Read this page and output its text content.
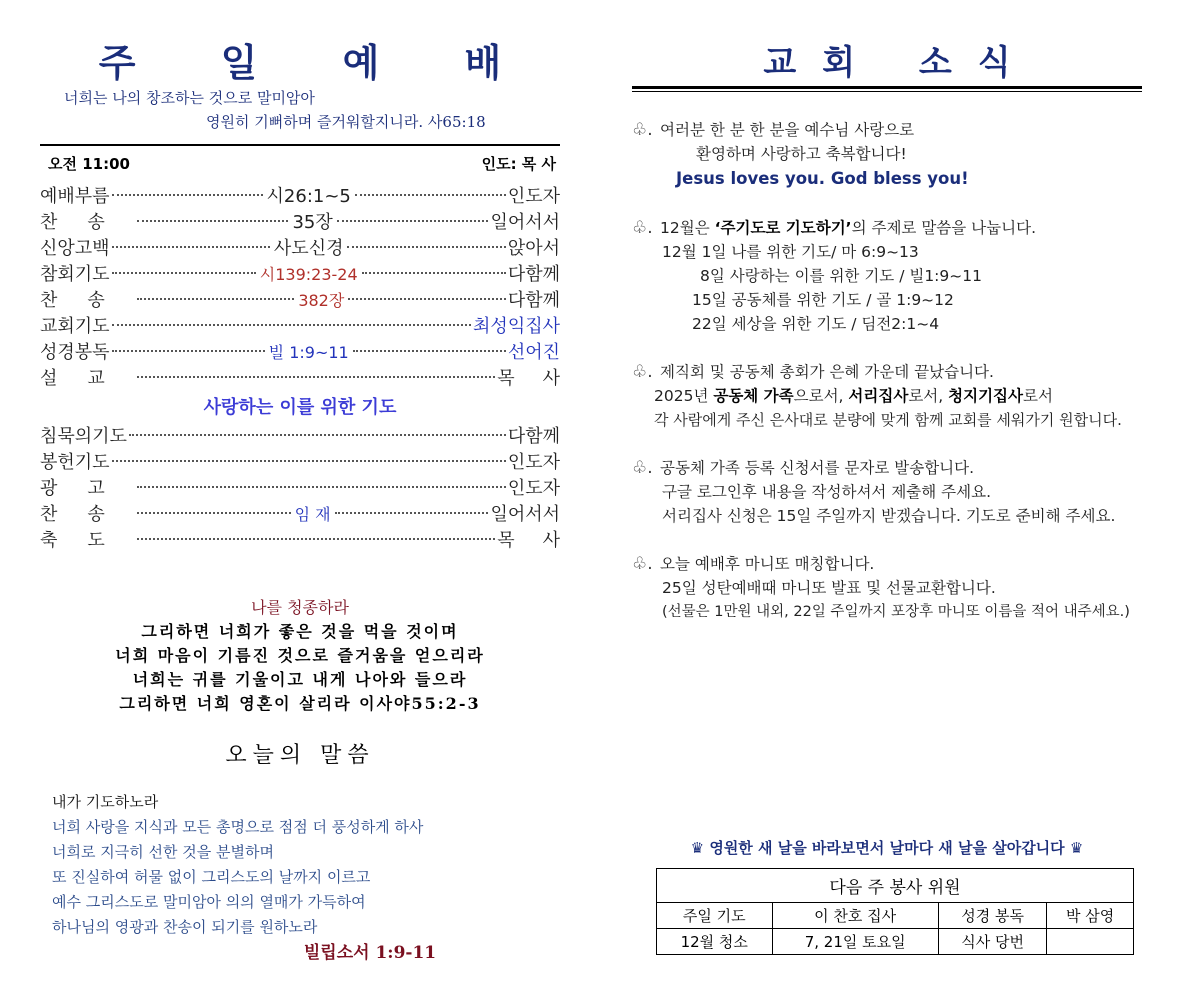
주 일 예 배
너희는 나의 창조하는 것으로 말미암아
영원히 기뻐하며 즐거워할지니라. 사65:18
오전 11:00	인도: 목 사
예배부름	시26:1~5	인도자
찬송	35장	일어서서
신앙고백	사도신경	앉아서
참회기도	시139:23-24	다함께
찬송	382장	다함께
교회기도	최성익집사
성경봉독	빌 1:9~11	선어진
설교	목사
사랑하는 이를 위한 기도
침묵의기도	다함께
봉헌기도	인도자
광고	인도자
찬송	임 재	일어서서
축도	목사
나를 청종하라
그리하면 너희가 좋은 것을 먹을 것이며
너희 마음이 기름진 것으로 즐거움을 얻으리라
너희는 귀를 기울이고 내게 나아와 들으라
그리하면 너희 영혼이 살리라 이사야55:2-3
오늘의 말씀
내가 기도하노라
너희 사랑을 지식과 모든 총명으로 점점 더 풍성하게 하사
너희로 지극히 선한 것을 분별하며
또 진실하여 허물 없이 그리스도의 날까지 이르고
예수 그리스도로 말미암아 의의 열매가 가득하여
하나님의 영광과 찬송이 되기를 원하노라
빌립소서 1:9-11
교회 소식
♧. 여러분 한 분 한 분을 예수님 사랑으로
환영하며 사랑하고 축복합니다!
Jesus loves you. God bless you!
♧. 12월은 ‘주기도로 기도하기’의 주제로 말씀을 나눕니다.
12월 1일 나를 위한 기도/ 마 6:9~13
8일 사랑하는 이를 위한 기도 / 빌1:9~11
15일 공동체를 위한 기도 / 골 1:9~12
22일 세상을 위한 기도 / 딤전2:1~4
♧. 제직회 및 공동체 총회가 은혜 가운데 끝났습니다.
2025년 공동체 가족으로서, 서리집사로서, 청지기집사로서
각 사람에게 주신 은사대로 분량에 맞게 함께 교회를 세워가기 원합니다.
♧. 공동체 가족 등록 신청서를 문자로 발송합니다.
구글 로그인후 내용을 작성하셔서 제출해 주세요.
서리집사 신청은 15일 주일까지 받겠습니다. 기도로 준비해 주세요.
♧. 오늘 예배후 마니또 매칭합니다.
25일 성탄예배때 마니또 발표 및 선물교환합니다.
(선물은 1만원 내외, 22일 주일까지 포장후 마니또 이름을 적어 내주세요.)
♛ 영원한 새 날을 바라보면서 날마다 새 날을 살아갑니다 ♛
다음 주 봉사 위원			
주일 기도	이 찬호 집사	성경 봉독	박 삼영
12월 청소	7, 21일 토요일	식사 당번	
